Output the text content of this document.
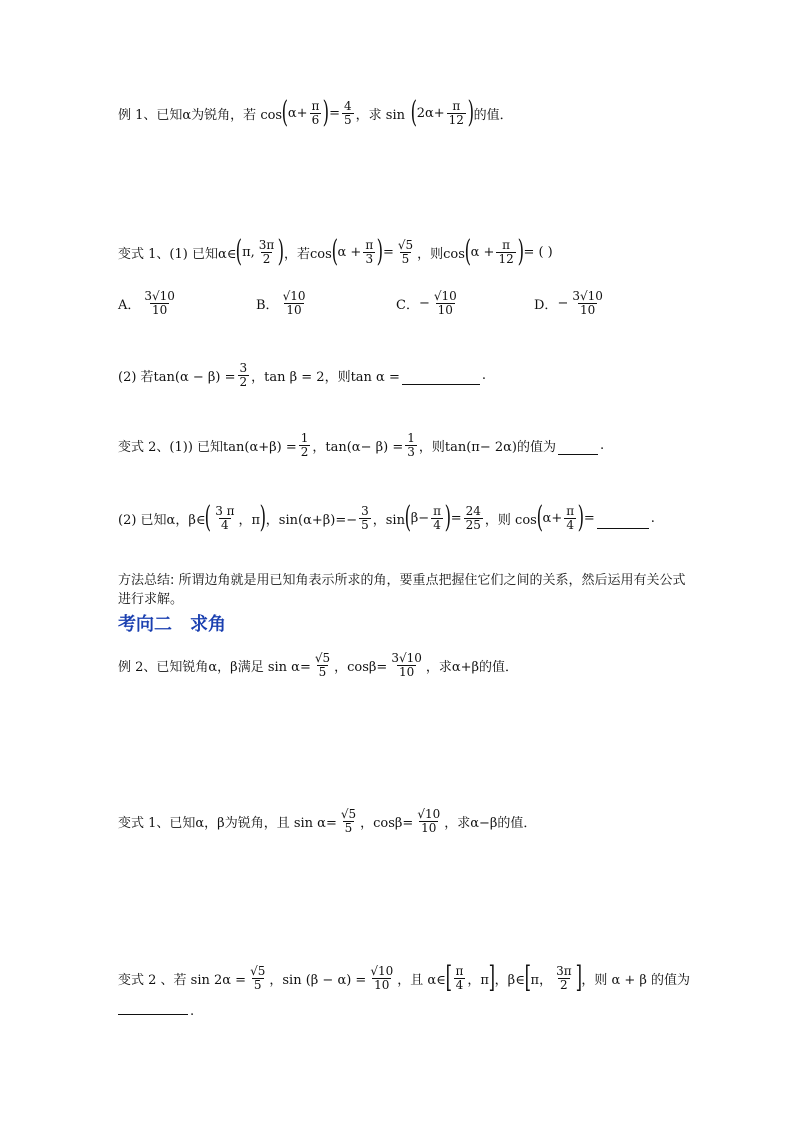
例 1、已知α为锐角，若 cos ( $\alpha+ \frac{\pi}{6}$ ) = $\frac{4}{5}$ ，求 sin ( $2\alpha+ \frac{\pi}{12}$ ) 的值．
变式 1、(1) 已知α∈ ( π, $\frac{3\pi}{2}$ ) ，若cos ( $\alpha + \frac{\pi}{3}$ ) = $\frac{√5}{5}$ ，则cos ( $\alpha + \frac{\pi}{12}$ ) = ( )
A． $\frac{3√10}{10}$	B． $\frac{√10}{10}$	C． − $\frac{√10}{10}$	D． − $\frac{3√10}{10}$
(2) 若$\tan(\alpha - \beta) = \frac{3}{2}$ ，tan β = 2，则tan α =	.
变式 2、(1)) 已知$\tan(\alpha+\beta) = \frac{1}{2}$ ，$\tan(\alpha- \beta) = \frac{1}{3}$ ，则tan(π− 2α)的值为	.
(2) 已知α，β∈ ( $\frac{3 \pi}{4}$ ，π ) ，$\sin(\alpha+\beta)=- \frac{3}{5}$ ，sin ( $\beta- \frac{\pi}{4}$ ) = $\frac{24}{25}$ ，则 cos ( $\alpha+ \frac{\pi}{4}$ ) =	.
方法总结: 所谓边角就是用已知角表示所求的角，要重点把握住它们之间的关系，然后运用有关公式进行求解。
考向二　求角
例 2、已知锐角α，β满足 $\sin \alpha= \frac{√5}{5}$ ，$\cos\beta= \frac{3√10}{10}$ ，求α+β的值．
变式 1、已知α，β为锐角，且 $\sin \alpha= \frac{√5}{5}$ ，$\cos\beta= \frac{√10}{10}$ ，求α−β的值．
变式 2 、若 $\sin 2\alpha = \frac{√5}{5}$ ，$\sin (\beta - \alpha) = \frac{√10}{10}$ ，且 α∈ [ $\frac{\pi}{4}$ ，π ] ，β∈ [ π， $\frac{3\pi}{2}$ ] ，则 α + β 的值为
.
